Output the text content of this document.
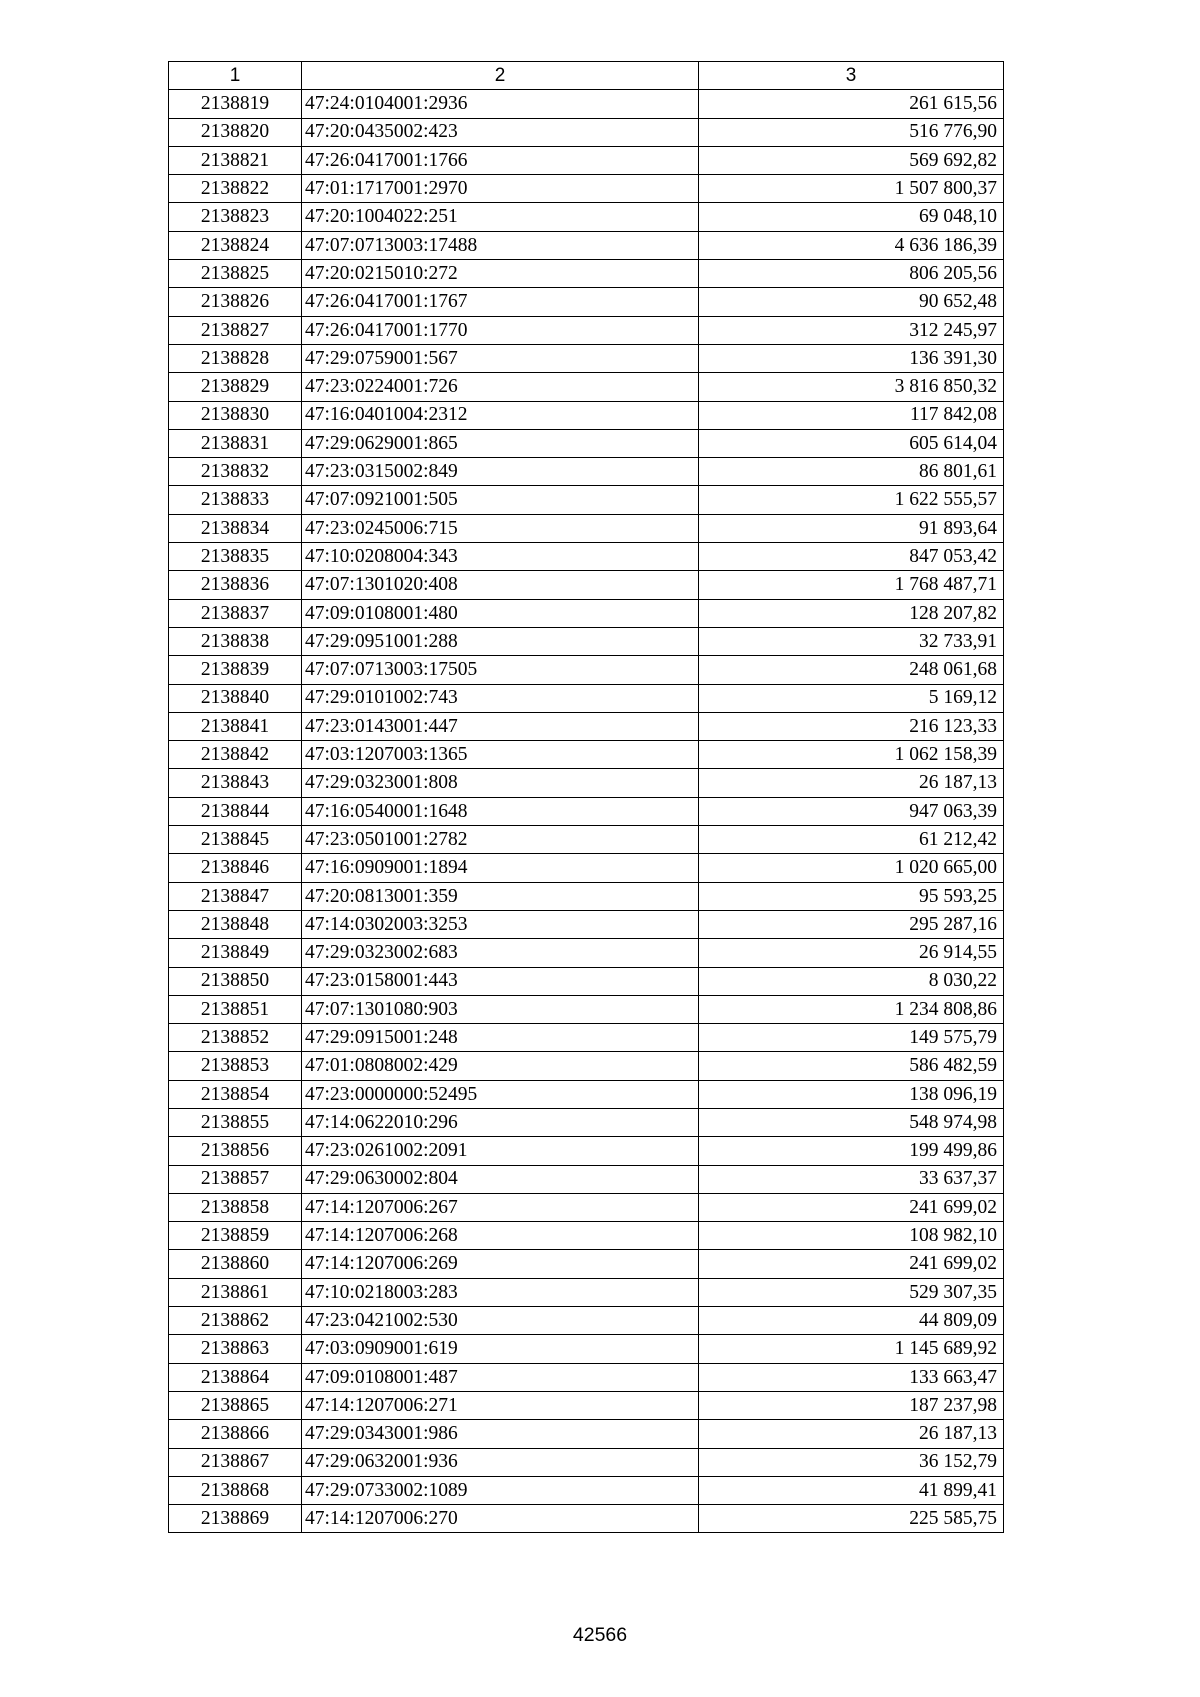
1	2	3
2138819	47:24:0104001:2936	261 615,56
2138820	47:20:0435002:423	516 776,90
2138821	47:26:0417001:1766	569 692,82
2138822	47:01:1717001:2970	1 507 800,37
2138823	47:20:1004022:251	69 048,10
2138824	47:07:0713003:17488	4 636 186,39
2138825	47:20:0215010:272	806 205,56
2138826	47:26:0417001:1767	90 652,48
2138827	47:26:0417001:1770	312 245,97
2138828	47:29:0759001:567	136 391,30
2138829	47:23:0224001:726	3 816 850,32
2138830	47:16:0401004:2312	117 842,08
2138831	47:29:0629001:865	605 614,04
2138832	47:23:0315002:849	86 801,61
2138833	47:07:0921001:505	1 622 555,57
2138834	47:23:0245006:715	91 893,64
2138835	47:10:0208004:343	847 053,42
2138836	47:07:1301020:408	1 768 487,71
2138837	47:09:0108001:480	128 207,82
2138838	47:29:0951001:288	32 733,91
2138839	47:07:0713003:17505	248 061,68
2138840	47:29:0101002:743	5 169,12
2138841	47:23:0143001:447	216 123,33
2138842	47:03:1207003:1365	1 062 158,39
2138843	47:29:0323001:808	26 187,13
2138844	47:16:0540001:1648	947 063,39
2138845	47:23:0501001:2782	61 212,42
2138846	47:16:0909001:1894	1 020 665,00
2138847	47:20:0813001:359	95 593,25
2138848	47:14:0302003:3253	295 287,16
2138849	47:29:0323002:683	26 914,55
2138850	47:23:0158001:443	8 030,22
2138851	47:07:1301080:903	1 234 808,86
2138852	47:29:0915001:248	149 575,79
2138853	47:01:0808002:429	586 482,59
2138854	47:23:0000000:52495	138 096,19
2138855	47:14:0622010:296	548 974,98
2138856	47:23:0261002:2091	199 499,86
2138857	47:29:0630002:804	33 637,37
2138858	47:14:1207006:267	241 699,02
2138859	47:14:1207006:268	108 982,10
2138860	47:14:1207006:269	241 699,02
2138861	47:10:0218003:283	529 307,35
2138862	47:23:0421002:530	44 809,09
2138863	47:03:0909001:619	1 145 689,92
2138864	47:09:0108001:487	133 663,47
2138865	47:14:1207006:271	187 237,98
2138866	47:29:0343001:986	26 187,13
2138867	47:29:0632001:936	36 152,79
2138868	47:29:0733002:1089	41 899,41
2138869	47:14:1207006:270	225 585,75
42566
